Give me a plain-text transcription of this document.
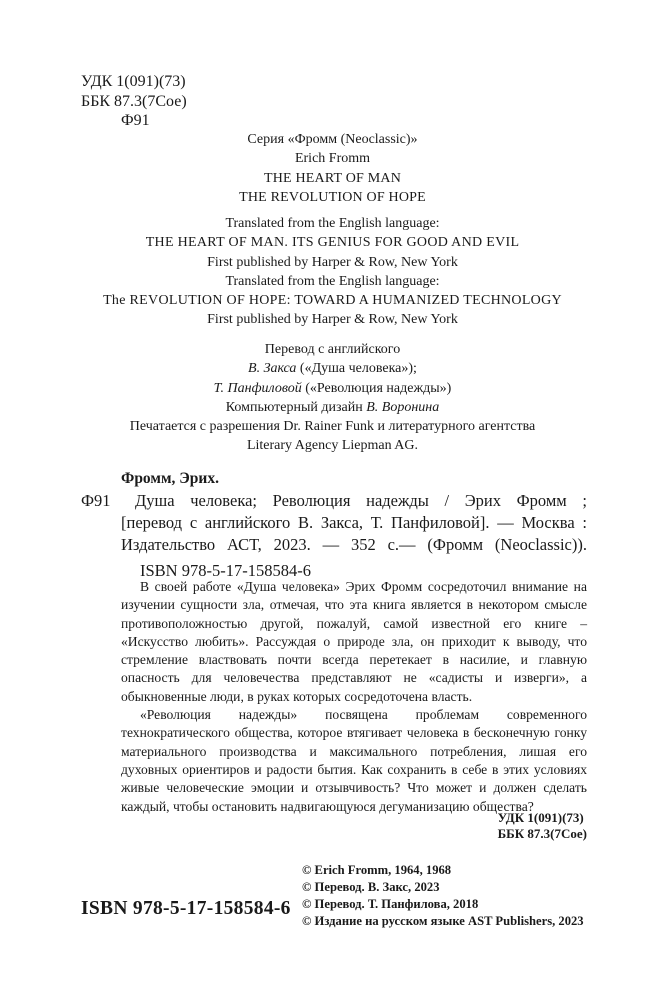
УДК 1(091)(73)
ББК 87.3(7Сое)
Ф91
Серия «Фромм (Neoclassic)»
Erich Fromm
THE HEART OF MAN
THE REVOLUTION OF HOPE
Translated from the English language:
THE HEART OF MAN. ITS GENIUS FOR GOOD AND EVIL
First published by Harper & Row, New York
Translated from the English language:
The REVOLUTION OF HOPE: TOWARD A HUMANIZED TECHNOLOGY
First published by Harper & Row, New York
Перевод с английского
В. Закса («Душа человека»);
Т. Панфиловой («Революция надежды»)
Компьютерный дизайн В. Воронина
Печатается с разрешения Dr. Rainer Funk и литературного агентства
Literary Agency Liepman AG.
Фромм, Эрих.
Ф91	Душа человека; Революция надежды / Эрих Фромм ;
[перевод с английского В. Закса, Т. Панфиловой]. — Москва :
Издательство АСТ, 2023. — 352 с.— (Фромм (Neoclassic)).
ISBN 978-5-17-158584-6

В своей работе «Душа человека» Эрих Фромм сосредоточил внимание на изучении сущности зла, отмечая, что эта книга является в некотором смысле противоположностью другой, пожалуй, самой известной его книге – «Искусство любить». Рассуждая о природе зла, он приходит к выводу, что стремление властвовать почти всегда перетекает в насилие, и главную опасность для человечества представляют не «садисты и изверги», а обыкновенные люди, в руках которых сосредоточена власть.

«Революция надежды» посвящена проблемам современного технократического общества, которое втягивает человека в бесконечную гонку материального производства и максимального потребления, лишая его духовных ориентиров и радости бытия. Как сохранить в себе в этих условиях живые человеческие эмоции и отзывчивость? Что может и должен сделать каждый, чтобы остановить надвигающуюся дегуманизацию общества?

УДК 1(091)(73)
ББК 87.3(7Сое)
ISBN 978-5-17-158584-6
© Erich Fromm, 1964, 1968
© Перевод. В. Закс, 2023
© Перевод. Т. Панфилова, 2018
© Издание на русском языке AST Publishers, 2023
